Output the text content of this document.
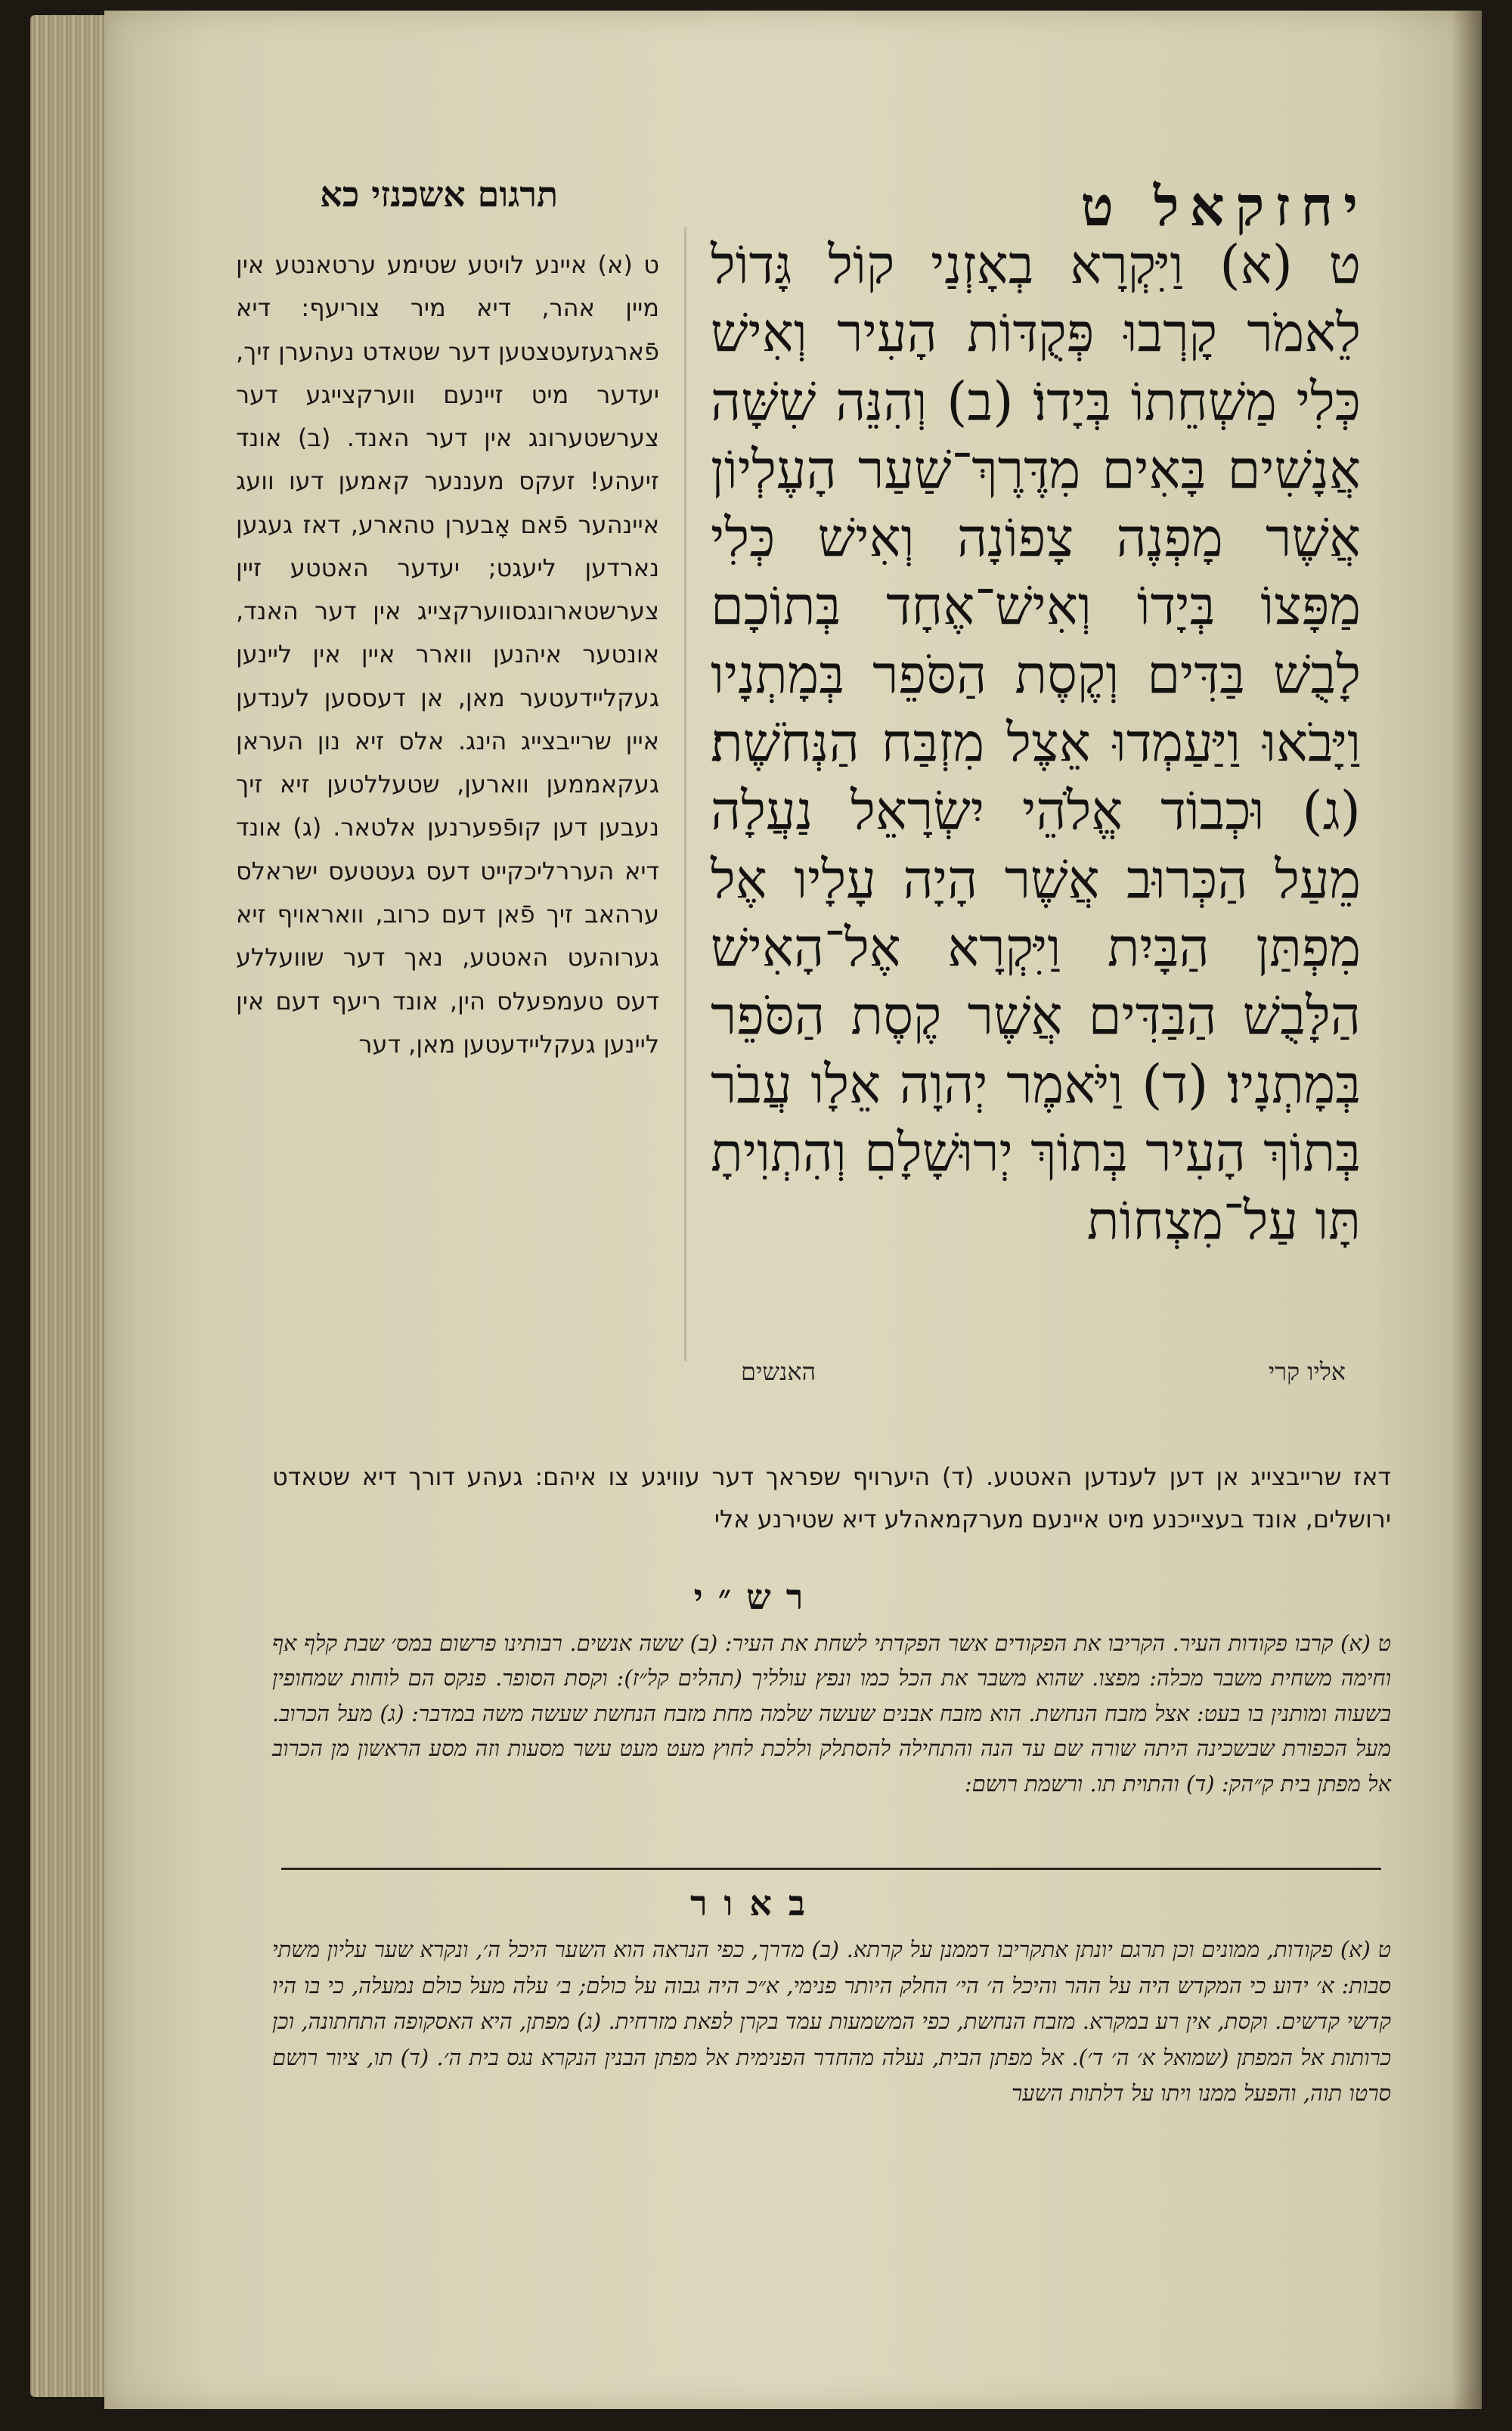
יחזקאל ט
תרגום אשכנזי כא

ט (א) וַיִּקְרָא בְאָזְנַי קוֹל גָּדוֹל לֵאמֹר קָרְבוּ פְּקֻדּוֹת הָעִיר וְאִישׁ כְּלִי מַשְׁחֵתוֹ בְּיָדוֹ׃ (ב) וְהִנֵּה שִׁשָּׁה אֲנָשִׁים בָּאִים מִדֶּרֶךְ־שַׁעַר הָעֶלְיוֹן אֲשֶׁר מָפְנֶה צָפוֹנָה וְאִישׁ כְּלִי מַפָּצוֹ בְּיָדוֹ וְאִישׁ־אֶחָד בְּתוֹכָם לָבֻשׁ בַּדִּים וְקֶסֶת הַסֹּפֵר בְּמָתְנָיו וַיָּבֹאוּ וַיַּעַמְדוּ אֵצֶל מִזְבַּח הַנְּחֹשֶׁת׃ (ג) וּכְבוֹד אֱלֹהֵי יִשְׂרָאֵל נַעֲלָה מֵעַל הַכְּרוּב אֲשֶׁר הָיָה עָלָיו אֶל מִפְתַּן הַבָּיִת וַיִּקְרָא אֶל־הָאִישׁ הַלָּבֻשׁ הַבַּדִּים אֲשֶׁר קֶסֶת הַסֹּפֵר בְּמָתְנָיו׃ (ד) וַיֹּאמֶר יְהוָה אֵלָו עֲבֹר בְּתוֹךְ הָעִיר בְּתוֹךְ יְרוּשָׁלָםִ וְהִתְוִיתָ תָּו עַל־מִצְחוֹת

אליו קרי
האנשים

ט (א) איינע לויטע שטימע ערטאנטע אין מיין אהר, דיא מיר צוריעף: דיא פֿארגעזעטצטען דער שטאדט נעהערן זיך, יעדער מיט זיינעם ווערקצייגע דער צערשטערונג אין דער האנד. (ב) אונד זיעהע! זעקס מעננער קאמען דעו וועג איינהער פֿאם אָבערן טהארע, דאז געגען נארדען ליעגט; יעדער האטטע זיין צערשטארונגסווערקצייג אין דער האנד, אונטער איהנען ווארר איין אין ליינען געקליידעטער מאן, אן דעססען לענדען איין שרייבצייג הינג. אלס זיא נון העראן געקאממען ווארען, שטעללטען זיא זיך נעבען דען קופֿפערנען אלטאר. (ג) אונד דיא העררליכקייט דעס געטטעס ישראלס ערהאב זיך פֿאן דעם כרוב, וואראויף זיא גערוהעט האטטע, נאך דער שוועללע דעס טעמפעלס הין, אונד ריעף דעם אין ליינען געקליידעטען מאן, דער

דאז שרייבצייג אן דען לענדען האטטע. (ד) היערויף שפראך דער עוויגע צו איהם: געהע דורך דיא שטאדט ירושלים, אונד בעצייכנע מיט איינעם מערקמאהלע דיא שטירנע אלי

רש״י

ט (א) קרבו פקודות העיר. הקריבו את הפקודים אשר הפקדתי לשחת את העיר: (ב) ששה אנשים. רבותינו פרשום במס׳ שבת קלף אף וחימה משחית משבר מכלה: מפצו. שהוא משבר את הכל כמו ונפץ עולליך (תהלים קל״ז): וקסת הסופר. פנקס הם לוחות שמחופין בשעוה ומותנין בו בעט: אצל מזבח הנחשת. הוא מזבח אבנים שעשה שלמה מחת מזבח הנחשת שעשה משה במדבר: (ג) מעל הכרוב. מעל הכפורת שבשכינה היתה שורה שם עד הנה והתחילה להסתלק וללכת לחוץ מעט מעט עשר מסעות וזה מסע הראשון מן הכרוב אל מפתן בית ק״הק: (ד) והתוית תו. ורשמת רושם:

באור

ט (א) פקודות, ממונים וכן תרגם יונתן אתקריבו דממנן על קרתא. (ב) מדרך, כפי הנראה הוא השער היכל ה׳, ונקרא שער עליון משתי סבות: א׳ ידוע כי המקדש היה על ההר והיכל ה׳ הי׳ החלק היותר פנימי, א״כ היה גבוה על כולם; ב׳ עלה מעל כולם נמעלה, כי בו היו קדשי קדשים. וקסת, אין רע במקרא. מזבח הנחשת, כפי המשמעות עמד בקרן לפאת מזרחית. (ג) מפתן, היא האסקופה התחתונה, וכן כרותות אל המפתן (שמואל א׳ ה׳ ד׳). אל מפתן הבית, נעלה מהחדר הפנימית אל מפתן הבנין הנקרא נגס בית ה׳. (ד) תו, ציור רושם סרטו תוה, והפעל ממנו ויתו על דלתות השער
